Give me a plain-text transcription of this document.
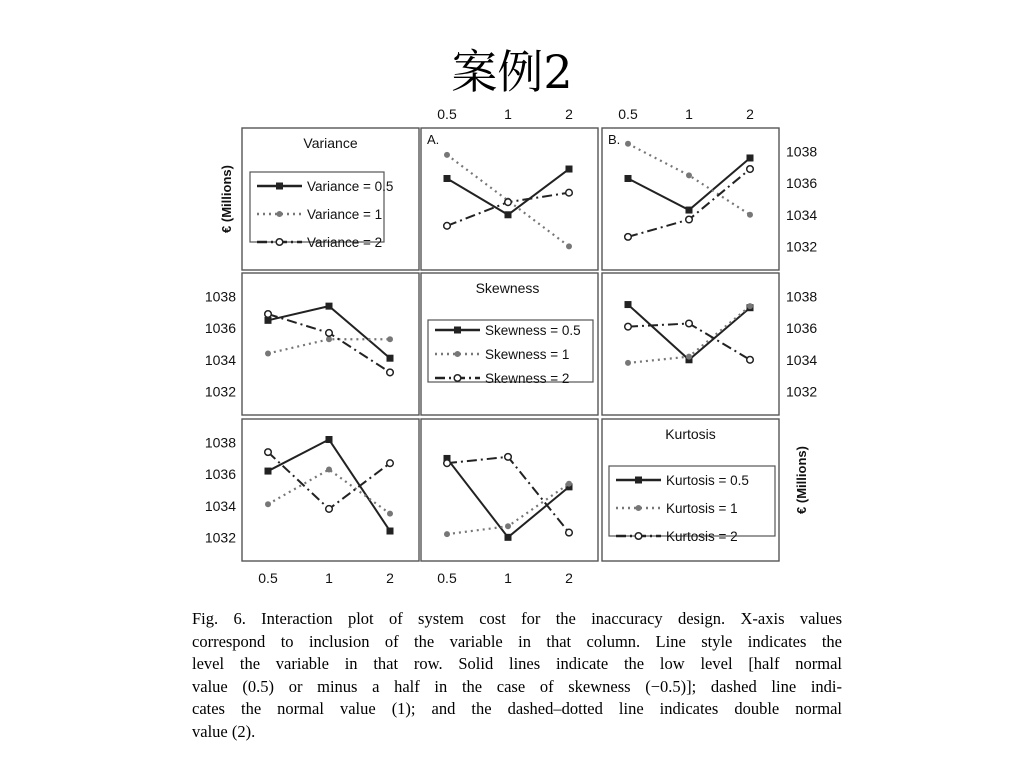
案例2
0.5	1	2	0.5	1	2
0.5	1	2	0.5	1	2
1032
1034
1036
1038
1032
1034
1036
1038
1032
1034
1036
1038
1032
1034
1036
1038
€ (Millions)
€ (Millions)
A.	B.
Variance
Variance = 0.5
Variance = 1
Variance = 2
Skewness
Skewness = 0.5
Skewness = 1
Skewness = 2
Kurtosis
Kurtosis = 0.5
Kurtosis = 1
Kurtosis = 2
Fig. 6. Interaction plot of system cost for the inaccuracy design. X-axis values
correspond to inclusion of the variable in that column. Line style indicates the
level the variable in that row. Solid lines indicate the low level [half normal
value (0.5) or minus a half in the case of skewness (−0.5)]; dashed line indi-
cates the normal value (1); and the dashed–dotted line indicates double normal
value (2).
